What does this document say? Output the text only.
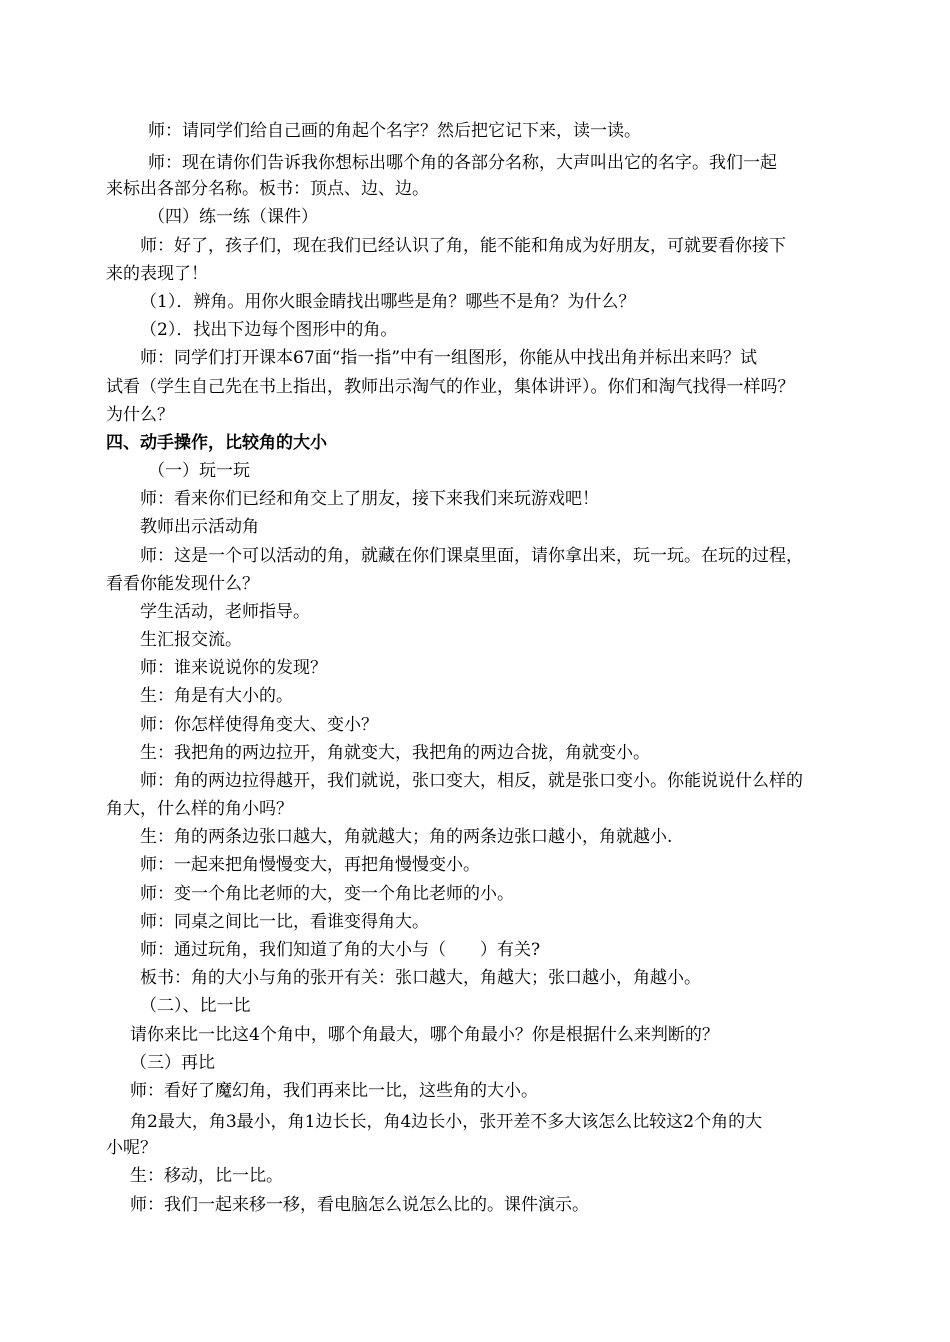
师：请同学们给自己画的角起个名字？然后把它记下来，读一读。
师：现在请你们告诉我你想标出哪个角的各部分名称，大声叫出它的名字。我们一起
来标出各部分名称。板书：顶点、边、边。
（四）练一练（课件）
师：好了，孩子们，现在我们已经认识了角，能不能和角成为好朋友，可就要看你接下
来的表现了！
（1）．辨角。用你火眼金睛找出哪些是角？哪些不是角？为什么？
（2）．找出下边每个图形中的角。
师：同学们打开课本67面“指一指”中有一组图形，你能从中找出角并标出来吗？试
试看（学生自己先在书上指出，教师出示淘气的作业，集体讲评）。你们和淘气找得一样吗？
为什么？
四、动手操作，比较角的大小
（一）玩一玩
师：看来你们已经和角交上了朋友，接下来我们来玩游戏吧！
教师出示活动角
师：这是一个可以活动的角，就藏在你们课桌里面，请你拿出来，玩一玩。在玩的过程，
看看你能发现什么？
学生活动，老师指导。
生汇报交流。
师：谁来说说你的发现？
生：角是有大小的。
师：你怎样使得角变大、变小？
生：我把角的两边拉开，角就变大，我把角的两边合拢，角就变小。
师：角的两边拉得越开，我们就说，张口变大，相反，就是张口变小。你能说说什么样的
角大，什么样的角小吗？
生：角的两条边张口越大，角就越大；角的两条边张口越小，角就越小.
师：一起来把角慢慢变大，再把角慢慢变小。
师：变一个角比老师的大，变一个角比老师的小。
师：同桌之间比一比，看谁变得角大。
师：通过玩角，我们知道了角的大小与（　　）有关?
板书：角的大小与角的张开有关：张口越大，角越大；张口越小，角越小。
（二）、比一比
请你来比一比这4个角中，哪个角最大，哪个角最小？你是根据什么来判断的？
（三）再比
师：看好了魔幻角，我们再来比一比，这些角的大小。
角2最大，角3最小，角1边长长，角4边长小，张开差不多大该怎么比较这2个角的大
小呢？
生：移动，比一比。
师：我们一起来移一移，看电脑怎么说怎么比的。课件演示。
